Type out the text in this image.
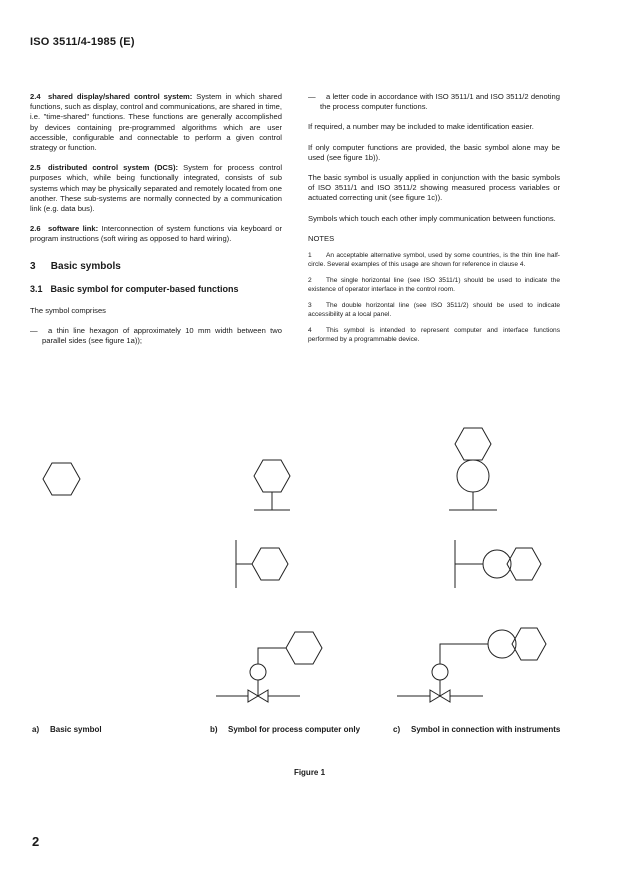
ISO 3511/4-1985 (E)

2.4 shared display/shared control system: System in which shared functions, such as display, control and communications, are shared in time, i.e. "time-shared" functions. These functions are generally accomplished by devices containing pre-programmed algorithms which are user accessible, configurable and connectable to perform a given control strategy or function.

2.5 distributed control system (DCS): System for process control purposes which, while being functionally integrated, consists of sub systems which may be physically separated and remotely located from one another. These sub-systems are normally connected by a communication link (e.g. data bus).

2.6 software link: Interconnection of system functions via keyboard or program instructions (soft wiring as opposed to hard wiring).

3 Basic symbols
3.1 Basic symbol for computer-based functions

The symbol comprises

— a thin line hexagon of approximately 10 mm width between two parallel sides (see figure 1a));

— a letter code in accordance with ISO 3511/1 and ISO 3511/2 denoting the process computer functions.

If required, a number may be included to make identification easier.

If only computer functions are provided, the basic symbol alone may be used (see figure 1b)).

The basic symbol is usually applied in conjunction with the basic symbols of ISO 3511/1 and ISO 3511/2 showing measured process variables or actuated correcting unit (see figure 1c)).

Symbols which touch each other imply communication between functions.

NOTES

1 An acceptable alternative symbol, used by some countries, is the thin line half-circle. Several examples of this usage are shown for reference in clause 4.

2 The single horizontal line (see ISO 3511/1) should be used to indicate the existence of operator interface in the control room.

3 The double horizontal line (see ISO 3511/2) should be used to indicate accessibility at a local panel.

4 This symbol is intended to represent computer and interface functions performed by a programmable device.

a) Basic symbol	b) Symbol for process computer only	c) Symbol in connection with instruments
Figure 1
2
